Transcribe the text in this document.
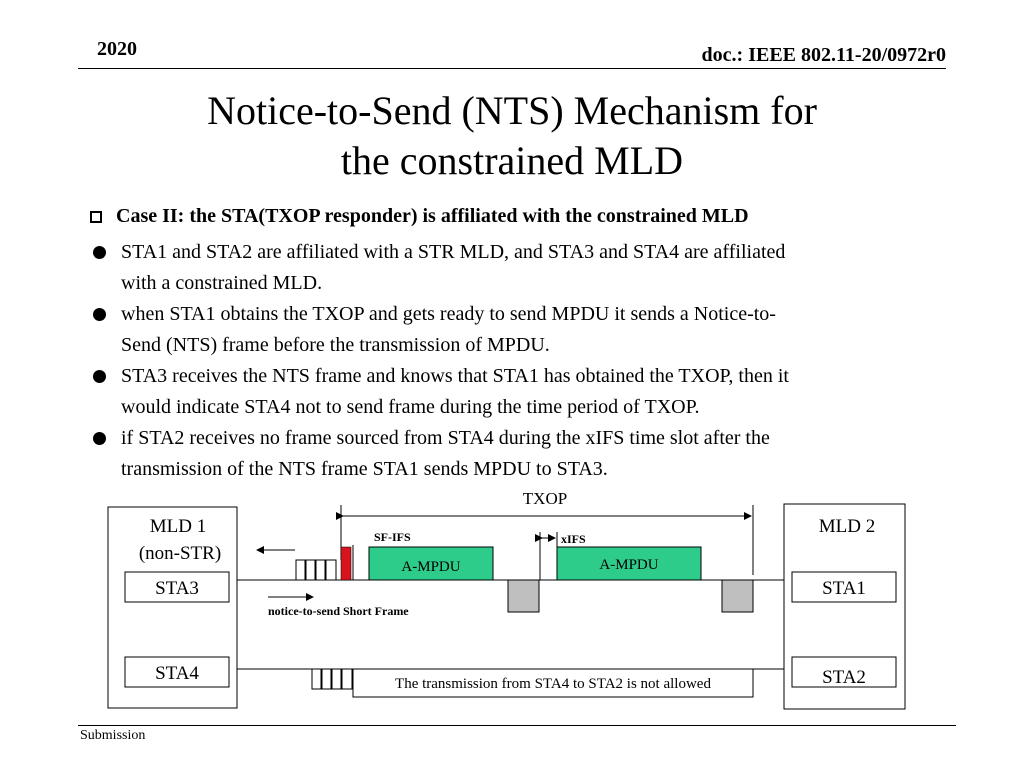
2020	doc.: IEEE 802.11-20/0972r0
Notice-to-Send (NTS) Mechanism for
the constrained MLD
Case II: the STA(TXOP responder) is affiliated with the constrained MLD
STA1 and STA2 are affiliated with a STR MLD, and STA3 and STA4 are affiliated
with a constrained MLD.
when STA1 obtains the TXOP and gets ready to send MPDU it sends a Notice-to-
Send (NTS) frame before the transmission of MPDU.
STA3 receives the NTS frame and knows that STA1 has obtained the TXOP, then it
would indicate STA4 not to send frame during the time period of TXOP.
if STA2 receives no frame sourced from STA4 during the xIFS time slot after the
transmission of the NTS frame STA1 sends MPDU to STA3.
TXOP
MLD 1
(non-STR)
STA3
STA4
MLD 2
STA1
STA2
SF-IFS
A-MPDU
xIFS
A-MPDU
notice-to-send Short Frame
The transmission from STA4 to STA2 is not allowed
Submission
